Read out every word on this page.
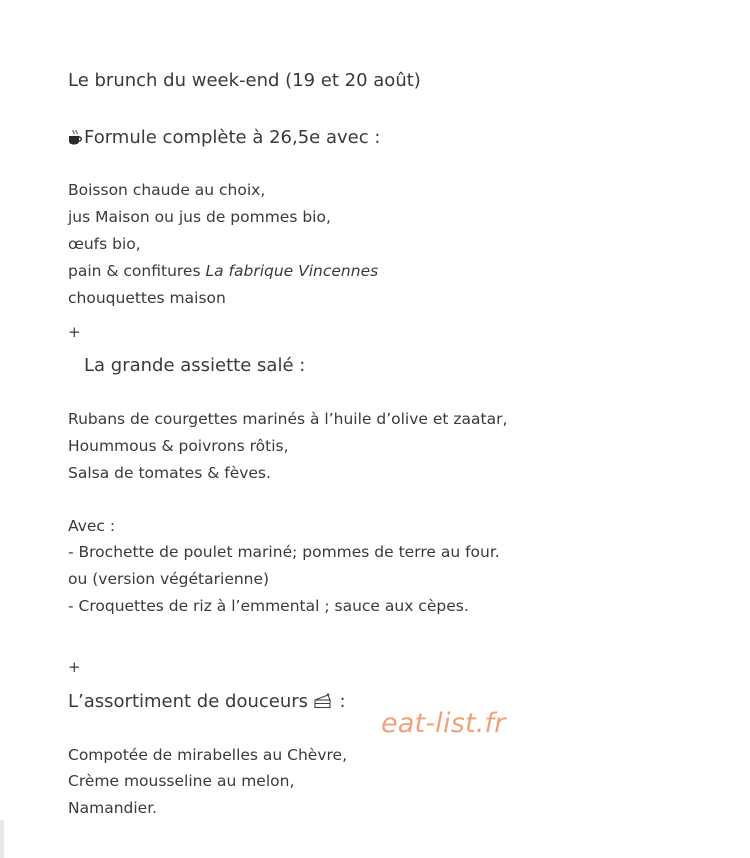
Le brunch du week-end (19 et 20 août)
Formule complète à 26,5e avec :
Boisson chaude au choix,
jus Maison ou jus de pommes bio,
œufs bio,
pain & confitures La fabrique Vincennes
chouquettes maison
+
La grande assiette salé :
Rubans de courgettes marinés à l’huile d’olive et zaatar,
Hoummous & poivrons rôtis,
Salsa de tomates & fèves.
Avec :
- Brochette de poulet mariné; pommes de terre au four.
ou (version végétarienne)
- Croquettes de riz à l’emmental ; sauce aux cèpes.
+
L’assortiment de douceurs :
Compotée de mirabelles au Chèvre,
Crème mousseline au melon,
Namandier.
eat-list.fr
